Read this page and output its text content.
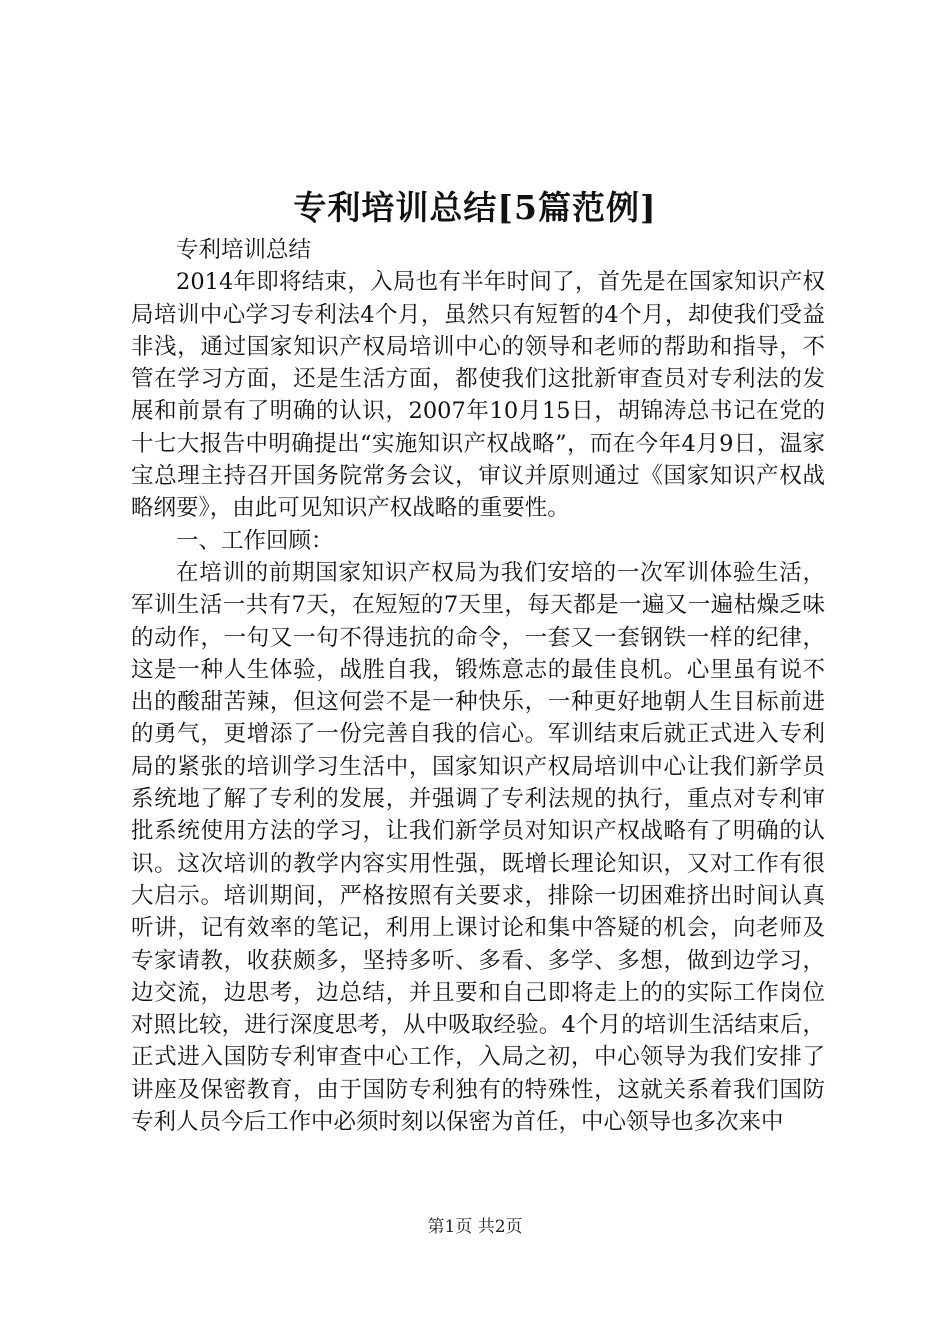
专利培训总结[5篇范例]

专利培训总结

2014年即将结束，入局也有半年时间了，首先是在国家知识产权局培训中心学习专利法4个月，虽然只有短暂的4个月，却使我们受益非浅，通过国家知识产权局培训中心的领导和老师的帮助和指导，不管在学习方面，还是生活方面，都使我们这批新审查员对专利法的发展和前景有了明确的认识，2007年10月15日，胡锦涛总书记在党的十七大报告中明确提出“实施知识产权战略”，而在今年4月9日，温家宝总理主持召开国务院常务会议，审议并原则通过《国家知识产权战略纲要》，由此可见知识产权战略的重要性。

一、工作回顾：

在培训的前期国家知识产权局为我们安培的一次军训体验生活，军训生活一共有7天，在短短的7天里，每天都是一遍又一遍枯燥乏味的动作，一句又一句不得违抗的命令，一套又一套钢铁一样的纪律，这是一种人生体验，战胜自我，锻炼意志的最佳良机。心里虽有说不出的酸甜苦辣，但这何尝不是一种快乐，一种更好地朝人生目标前进的勇气，更增添了一份完善自我的信心。军训结束后就正式进入专利局的紧张的培训学习生活中，国家知识产权局培训中心让我们新学员系统地了解了专利的发展，并强调了专利法规的执行，重点对专利审批系统使用方法的学习，让我们新学员对知识产权战略有了明确的认识。这次培训的教学内容实用性强，既增长理论知识，又对工作有很大启示。培训期间，严格按照有关要求，排除一切困难挤出时间认真听讲，记有效率的笔记，利用上课讨论和集中答疑的机会，向老师及专家请教，收获颇多，坚持多听、多看、多学、多想，做到边学习，边交流，边思考，边总结，并且要和自己即将走上的的实际工作岗位对照比较，进行深度思考，从中吸取经验。4个月的培训生活结束后，正式进入国防专利审查中心工作，入局之初，中心领导为我们安排了讲座及保密教育，由于国防专利独有的特殊性，这就关系着我们国防专利人员今后工作中必须时刻以保密为首任，中心领导也多次来中

第1页 共2页
